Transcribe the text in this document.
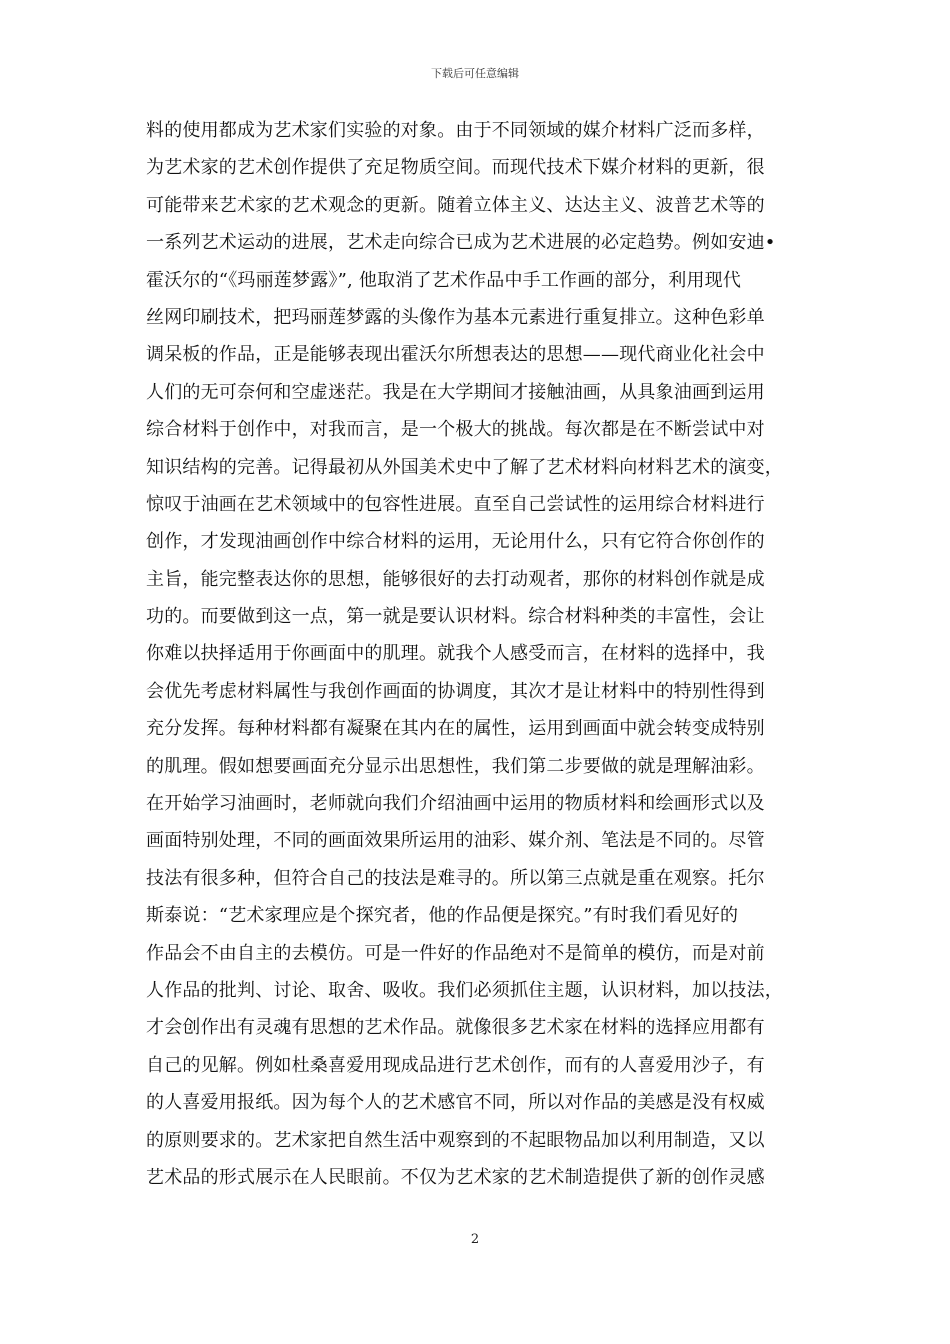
下载后可任意编辑
料的使用都成为艺术家们实验的对象。由于不同领域的媒介材料广泛而多样，
为艺术家的艺术创作提供了充足物质空间。而现代技术下媒介材料的更新，很
可能带来艺术家的艺术观念的更新。随着立体主义、达达主义、波普艺术等的
一系列艺术运动的进展，艺术走向综合已成为艺术进展的必定趋势。例如安迪•
霍沃尔的“《玛丽莲梦露》”, 他取消了艺术作品中手工作画的部分，利用现代
丝网印刷技术，把玛丽莲梦露的头像作为基本元素进行重复排立。这种色彩单
调呆板的作品，正是能够表现出霍沃尔所想表达的思想——现代商业化社会中
人们的无可奈何和空虚迷茫。我是在大学期间才接触油画，从具象油画到运用
综合材料于创作中，对我而言，是一个极大的挑战。每次都是在不断尝试中对
知识结构的完善。记得最初从外国美术史中了解了艺术材料向材料艺术的演变，
惊叹于油画在艺术领域中的包容性进展。直至自己尝试性的运用综合材料进行
创作，才发现油画创作中综合材料的运用，无论用什么，只有它符合你创作的
主旨，能完整表达你的思想，能够很好的去打动观者，那你的材料创作就是成
功的。而要做到这一点，第一就是要认识材料。综合材料种类的丰富性，会让
你难以抉择适用于你画面中的肌理。就我个人感受而言，在材料的选择中，我
会优先考虑材料属性与我创作画面的协调度，其次才是让材料中的特别性得到
充分发挥。每种材料都有凝聚在其内在的属性，运用到画面中就会转变成特别
的肌理。假如想要画面充分显示出思想性，我们第二步要做的就是理解油彩。
在开始学习油画时，老师就向我们介绍油画中运用的物质材料和绘画形式以及
画面特别处理，不同的画面效果所运用的油彩、媒介剂、笔法是不同的。尽管
技法有很多种，但符合自己的技法是难寻的。所以第三点就是重在观察。托尔
斯泰说：“艺术家理应是个探究者，他的作品便是探究。”有时我们看见好的
作品会不由自主的去模仿。可是一件好的作品绝对不是简单的模仿，而是对前
人作品的批判、讨论、取舍、吸收。我们必须抓住主题，认识材料，加以技法，
才会创作出有灵魂有思想的艺术作品。就像很多艺术家在材料的选择应用都有
自己的见解。例如杜桑喜爱用现成品进行艺术创作，而有的人喜爱用沙子，有
的人喜爱用报纸。因为每个人的艺术感官不同，所以对作品的美感是没有权威
的原则要求的。艺术家把自然生活中观察到的不起眼物品加以利用制造，又以
艺术品的形式展示在人民眼前。不仅为艺术家的艺术制造提供了新的创作灵感
2
